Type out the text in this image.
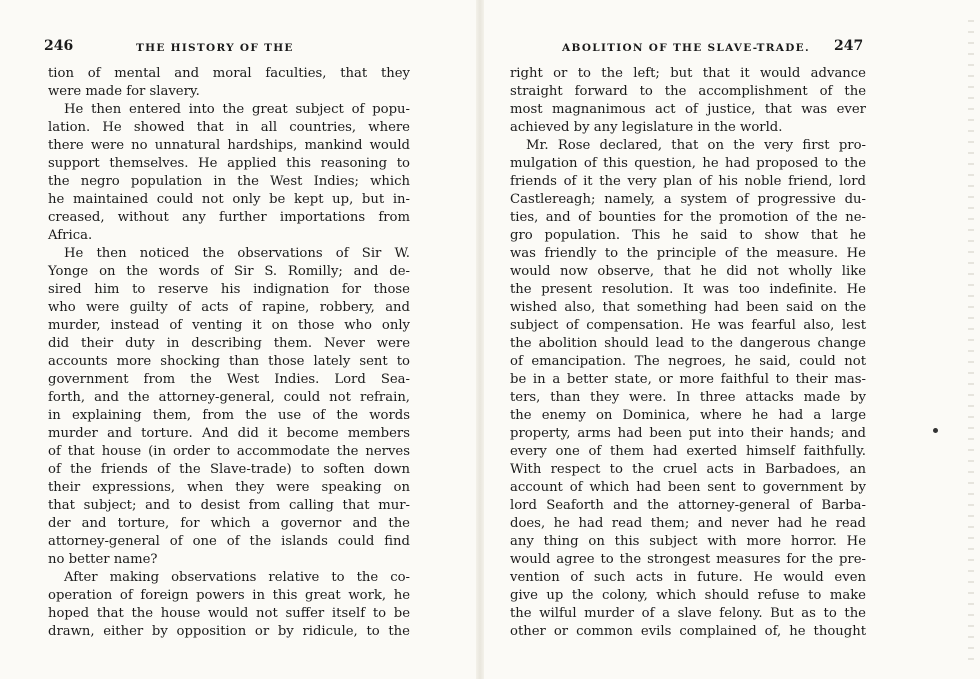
246	THE HISTORY OF THE
tion of mental and moral faculties, that they
were made for slavery.
He then entered into the great subject of popu-
lation. He showed that in all countries, where
there were no unnatural hardships, mankind would
support themselves. He applied this reasoning to
the negro population in the West Indies; which
he maintained could not only be kept up, but in-
creased, without any further importations from
Africa.
He then noticed the observations of Sir W.
Yonge on the words of Sir S. Romilly; and de-
sired him to reserve his indignation for those
who were guilty of acts of rapine, robbery, and
murder, instead of venting it on those who only
did their duty in describing them. Never were
accounts more shocking than those lately sent to
government from the West Indies. Lord Sea-
forth, and the attorney-general, could not refrain,
in explaining them, from the use of the words
murder and torture. And did it become members
of that house (in order to accommodate the nerves
of the friends of the Slave-trade) to soften down
their expressions, when they were speaking on
that subject; and to desist from calling that mur-
der and torture, for which a governor and the
attorney-general of one of the islands could find
no better name?
After making observations relative to the co-
operation of foreign powers in this great work, he
hoped that the house would not suffer itself to be
drawn, either by opposition or by ridicule, to the
ABOLITION OF THE SLAVE-TRADE. 247
right or to the left; but that it would advance
straight forward to the accomplishment of the
most magnanimous act of justice, that was ever
achieved by any legislature in the world.
Mr. Rose declared, that on the very first pro-
mulgation of this question, he had proposed to the
friends of it the very plan of his noble friend, lord
Castlereagh; namely, a system of progressive du-
ties, and of bounties for the promotion of the ne-
gro population. This he said to show that he
was friendly to the principle of the measure. He
would now observe, that he did not wholly like
the present resolution. It was too indefinite. He
wished also, that something had been said on the
subject of compensation. He was fearful also, lest
the abolition should lead to the dangerous change
of emancipation. The negroes, he said, could not
be in a better state, or more faithful to their mas-
ters, than they were. In three attacks made by
the enemy on Dominica, where he had a large
property, arms had been put into their hands; and
every one of them had exerted himself faithfully.
With respect to the cruel acts in Barbadoes, an
account of which had been sent to government by
lord Seaforth and the attorney-general of Barba-
does, he had read them; and never had he read
any thing on this subject with more horror. He
would agree to the strongest measures for the pre-
vention of such acts in future. He would even
give up the colony, which should refuse to make
the wilful murder of a slave felony. But as to the
other or common evils complained of, he thought
